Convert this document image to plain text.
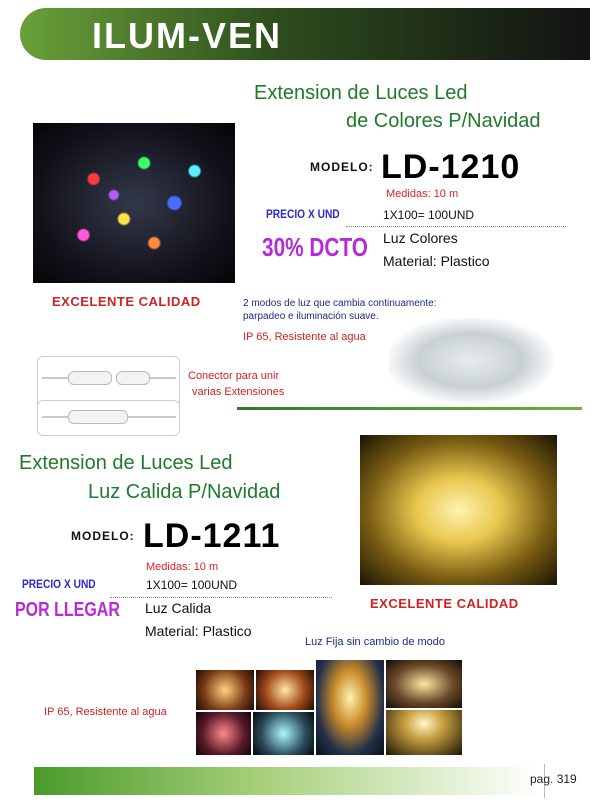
ILUM-VEN
Extension de Luces Led
de Colores P/Navidad
MODELO: LD-1210
Medidas: 10 m
PRECIO X UND	1X100= 100UND
30% DCTO Luz Colores
Material: Plastico
EXCELENTE CALIDAD	2 modos de luz que cambia continuamente: parpadeo e iluminación suave.
IP 65, Resistente al agua
Conector para unir
varias Extensiones
Extension de Luces Led
Luz Calida P/Navidad
EXCELENTE CALIDAD
MODELO: LD-1211
Medidas: 10 m
PRECIO X UND	1X100= 100UND
POR LLEGAR Luz Calida
Material: Plastico
Luz Fija sin cambio de modo
IP 65, Resistente al agua
pag. 319
